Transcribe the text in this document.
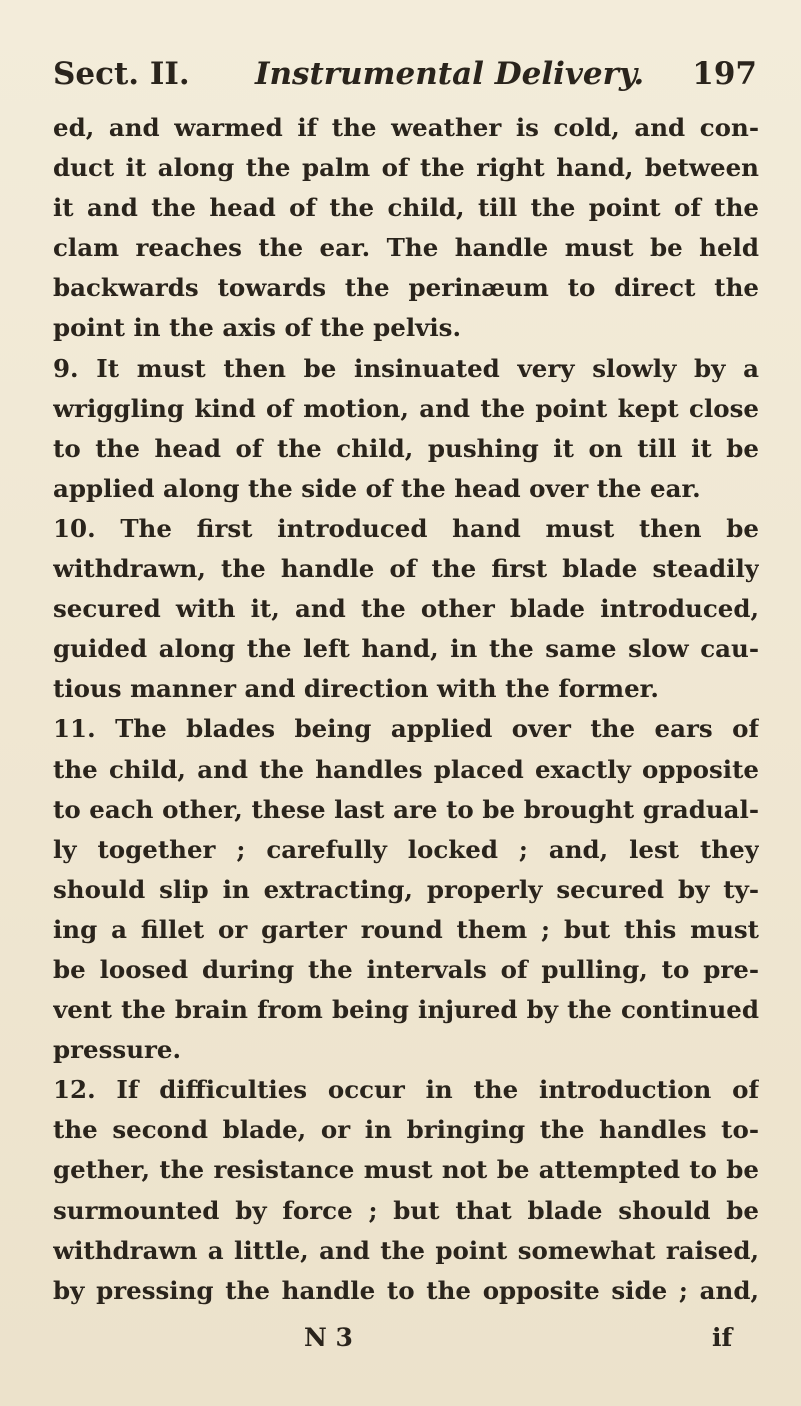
Sect. II. Instrumental Delivery. 197
ed, and warmed if the weather is cold, and con-
duct it along the palm of the right hand, between
it and the head of the child, till the point of the
clam reaches the ear. The handle must be held
backwards towards the perinæum to direct the
point in the axis of the pelvis.
9. It must then be insinuated very slowly by a
wriggling kind of motion, and the point kept close
to the head of the child, pushing it on till it be
applied along the side of the head over the ear.
10. The first introduced hand must then be
withdrawn, the handle of the first blade steadily
secured with it, and the other blade introduced,
guided along the left hand, in the same slow cau-
tious manner and direction with the former.
11. The blades being applied over the ears of
the child, and the handles placed exactly opposite
to each other, these last are to be brought gradual-
ly together ; carefully locked ; and, lest they
should slip in extracting, properly secured by ty-
ing a fillet or garter round them ; but this must
be loosed during the intervals of pulling, to pre-
vent the brain from being injured by the continued
pressure.
12. If difficulties occur in the introduction of
the second blade, or in bringing the handles to-
gether, the resistance must not be attempted to be
surmounted by force ; but that blade should be
withdrawn a little, and the point somewhat raised,
by pressing the handle to the opposite side ; and,
N 3	if
